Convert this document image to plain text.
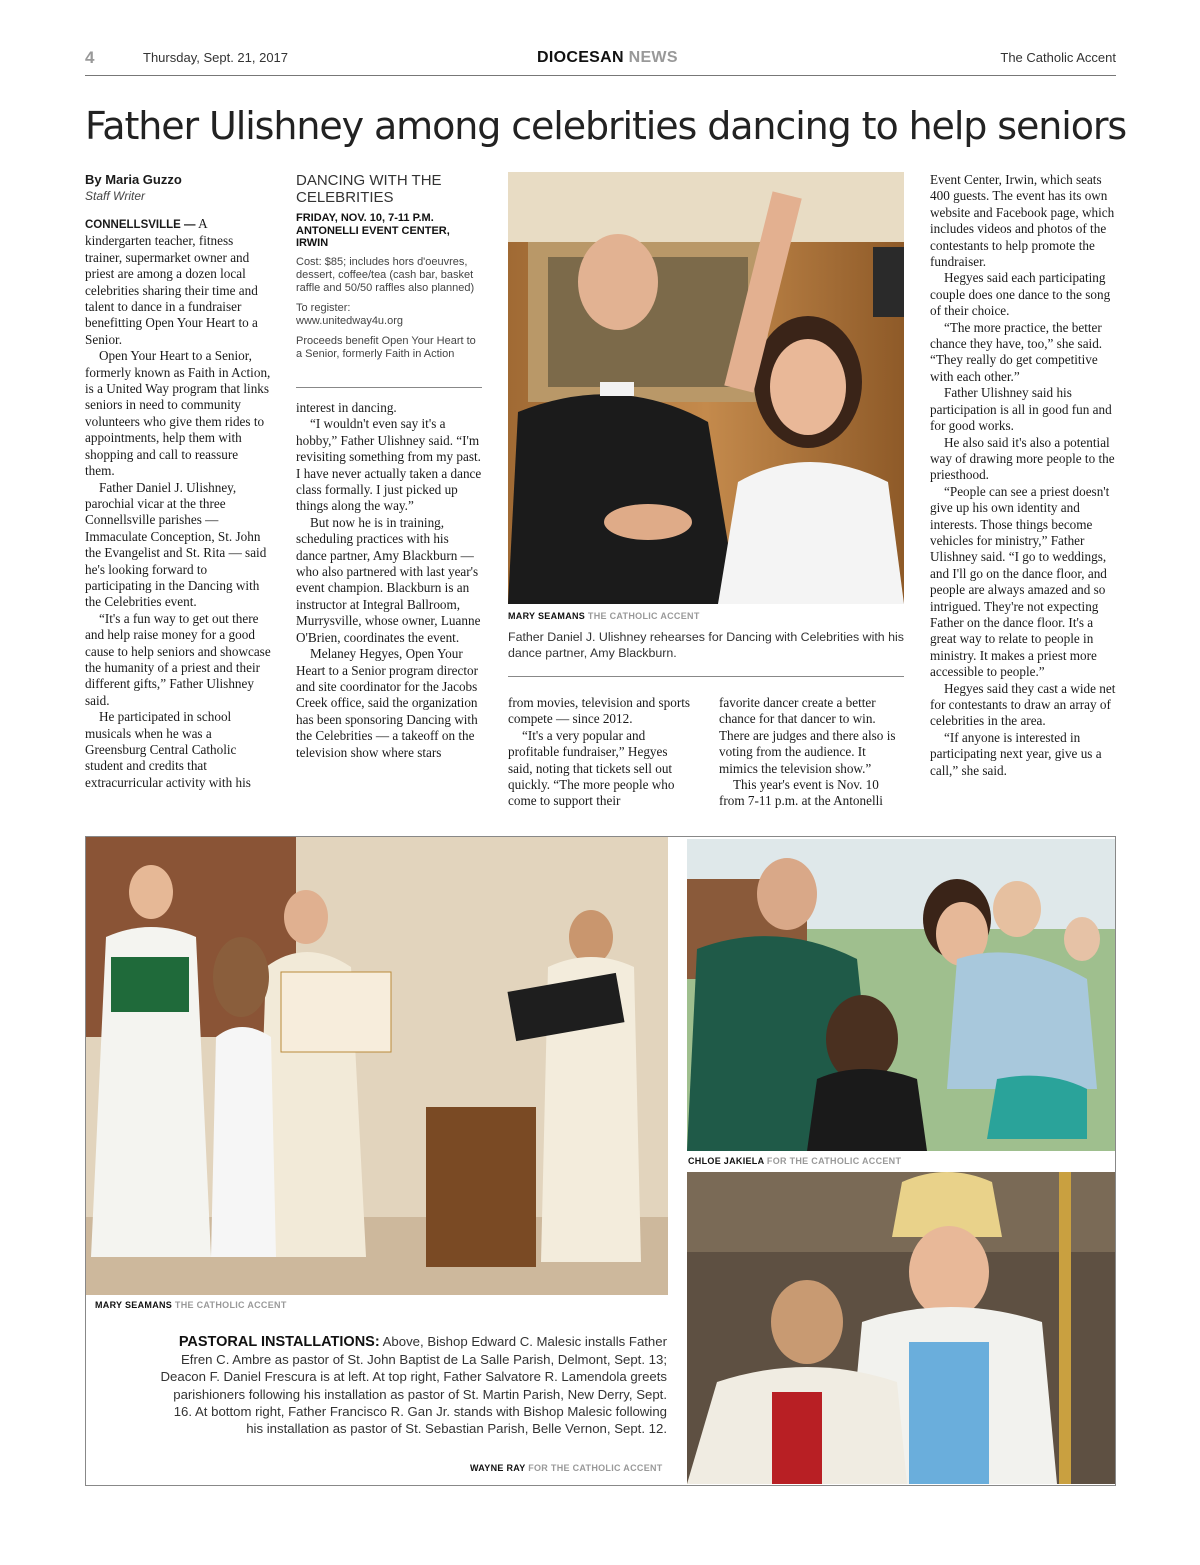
4	Thursday, Sept. 21, 2017	DIOCESAN NEWS	The Catholic Accent
Father Ulishney among celebrities dancing to help seniors
By Maria Guzzo
Staff Writer

CONNELLSVILLE — A kindergarten teacher, fitness trainer, supermarket owner and priest are among a dozen local celebrities sharing their time and talent to dance in a fundraiser benefitting Open Your Heart to a Senior.

Open Your Heart to a Senior, formerly known as Faith in Action, is a United Way program that links seniors in need to community volunteers who give them rides to appointments, help them with shopping and call to reassure them.

Father Daniel J. Ulishney, parochial vicar at the three Connellsville parishes — Immaculate Conception, St. John the Evangelist and St. Rita — said he's looking forward to participating in the Dancing with the Celebrities event.

“It's a fun way to get out there and help raise money for a good cause to help seniors and showcase the humanity of a priest and their different gifts,” Father Ulishney said.

He participated in school musicals when he was a Greensburg Central Catholic student and credits that extracurricular activity with his

DANCING WITH THE CELEBRITIES
FRIDAY, NOV. 10, 7-11 P.M. ANTONELLI EVENT CENTER, IRWIN
Cost: $85; includes hors d'oeuvres, dessert, coffee/tea (cash bar, basket raffle and 50/50 raffles also planned)
To register:
www.unitedway4u.org
Proceeds benefit Open Your Heart to a Senior, formerly Faith in Action

interest in dancing.

“I wouldn't even say it's a hobby,” Father Ulishney said. “I'm revisiting something from my past. I have never actually taken a dance class formally. I just picked up things along the way.”

But now he is in training, scheduling practices with his dance partner, Amy Blackburn — who also partnered with last year's event champion. Blackburn is an instructor at Integral Ballroom, Murrysville, whose owner, Luanne O'Brien, coordinates the event.

Melaney Hegyes, Open Your Heart to a Senior program director and site coordinator for the Jacobs Creek office, said the organization has been sponsoring Dancing with the Celebrities — a takeoff on the television show where stars

MARY SEAMANS THE CATHOLIC ACCENT
Father Daniel J. Ulishney rehearses for Dancing with Celebrities with his dance partner, Amy Blackburn.

from movies, television and sports compete — since 2012.

“It's a very popular and profitable fundraiser,” Hegyes said, noting that tickets sell out quickly. “The more people who come to support their

favorite dancer create a better chance for that dancer to win. There are judges and there also is voting from the audience. It mimics the television show.”

This year's event is Nov. 10 from 7-11 p.m. at the Antonelli

Event Center, Irwin, which seats 400 guests. The event has its own website and Facebook page, which includes videos and photos of the contestants to help promote the fundraiser.

Hegyes said each participating couple does one dance to the song of their choice.

“The more practice, the better chance they have, too,” she said. “They really do get competitive with each other.”

Father Ulishney said his participation is all in good fun and for good works.

He also said it's also a potential way of drawing more people to the priesthood.

“People can see a priest doesn't give up his own identity and interests. Those things become vehicles for ministry,” Father Ulishney said. “I go to weddings, and I'll go on the dance floor, and people are always amazed and so intrigued. They're not expecting Father on the dance floor. It's a great way to relate to people in ministry. It makes a priest more accessible to people.”

Hegyes said they cast a wide net for contestants to draw an array of celebrities in the area.

“If anyone is interested in participating next year, give us a call,” she said.

MARY SEAMANS THE CATHOLIC ACCENT
CHLOE JAKIELA FOR THE CATHOLIC ACCENT
PASTORAL INSTALLATIONS: Above, Bishop Edward C. Malesic installs Father Efren C. Ambre as pastor of St. John Baptist de La Salle Parish, Delmont, Sept. 13; Deacon F. Daniel Frescura is at left. At top right, Father Salvatore R. Lamendola greets parishioners following his installation as pastor of St. Martin Parish, New Derry, Sept. 16. At bottom right, Father Francisco R. Gan Jr. stands with Bishop Malesic following his installation as pastor of St. Sebastian Parish, Belle Vernon, Sept. 12.
WAYNE RAY FOR THE CATHOLIC ACCENT
